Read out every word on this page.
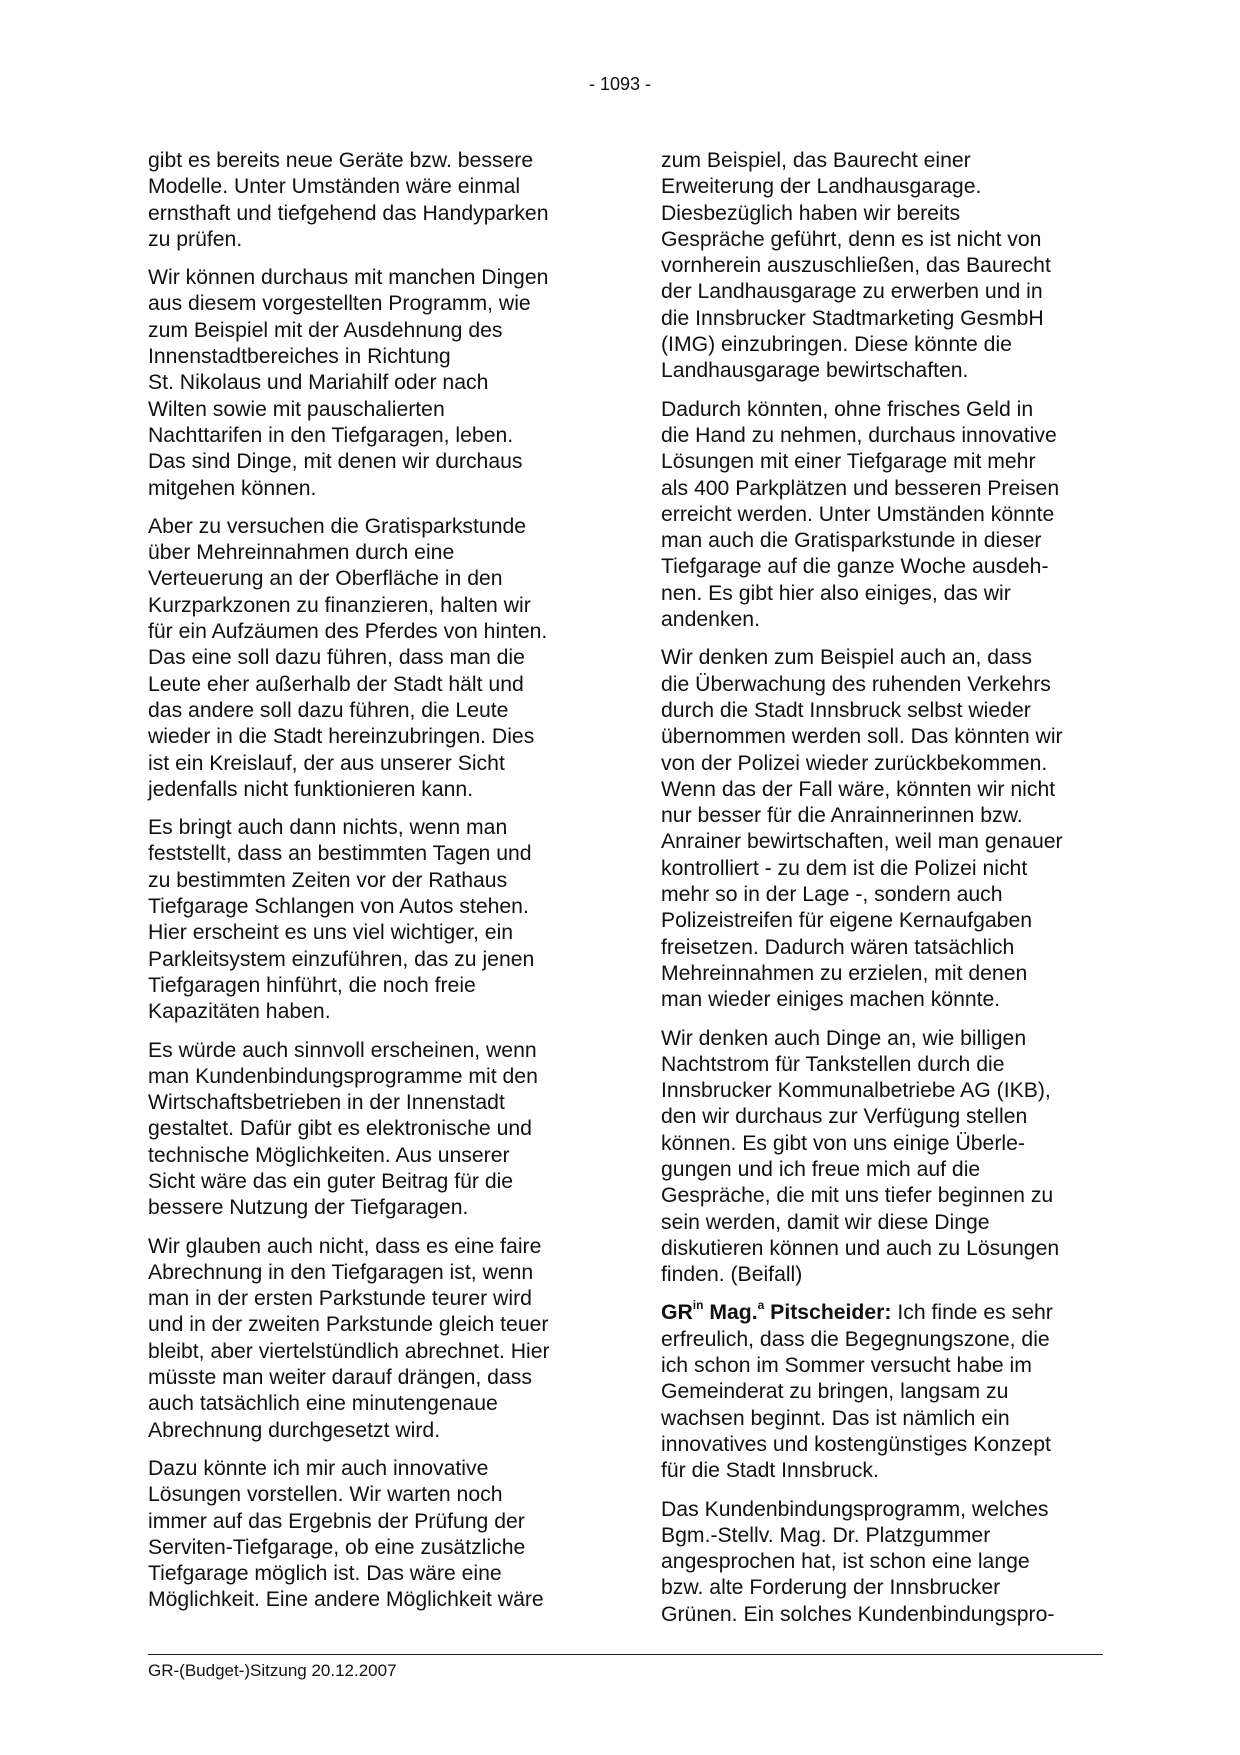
- 1093 -

gibt es bereits neue Geräte bzw. bessere
Modelle. Unter Umständen wäre einmal
ernsthaft und tiefgehend das Handyparken
zu prüfen.

Wir können durchaus mit manchen Dingen
aus diesem vorgestellten Programm, wie
zum Beispiel mit der Ausdehnung des
Innenstadtbereiches in Richtung
St. Nikolaus und Mariahilf oder nach
Wilten sowie mit pauschalierten
Nachttarifen in den Tiefgaragen, leben.
Das sind Dinge, mit denen wir durchaus
mitgehen können.

Aber zu versuchen die Gratisparkstunde
über Mehreinnahmen durch eine
Verteuerung an der Oberfläche in den
Kurzparkzonen zu finanzieren, halten wir
für ein Aufzäumen des Pferdes von hinten.
Das eine soll dazu führen, dass man die
Leute eher außerhalb der Stadt hält und
das andere soll dazu führen, die Leute
wieder in die Stadt hereinzubringen. Dies
ist ein Kreislauf, der aus unserer Sicht
jedenfalls nicht funktionieren kann.

Es bringt auch dann nichts, wenn man
feststellt, dass an bestimmten Tagen und
zu bestimmten Zeiten vor der Rathaus
Tiefgarage Schlangen von Autos stehen.
Hier erscheint es uns viel wichtiger, ein
Parkleitsystem einzuführen, das zu jenen
Tiefgaragen hinführt, die noch freie
Kapazitäten haben.

Es würde auch sinnvoll erscheinen, wenn
man Kundenbindungsprogramme mit den
Wirtschaftsbetrieben in der Innenstadt
gestaltet. Dafür gibt es elektronische und
technische Möglichkeiten. Aus unserer
Sicht wäre das ein guter Beitrag für die
bessere Nutzung der Tiefgaragen.

Wir glauben auch nicht, dass es eine faire
Abrechnung in den Tiefgaragen ist, wenn
man in der ersten Parkstunde teurer wird
und in der zweiten Parkstunde gleich teuer
bleibt, aber viertelstündlich abrechnet. Hier
müsste man weiter darauf drängen, dass
auch tatsächlich eine minutengenaue
Abrechnung durchgesetzt wird.

Dazu könnte ich mir auch innovative
Lösungen vorstellen. Wir warten noch
immer auf das Ergebnis der Prüfung der
Serviten-Tiefgarage, ob eine zusätzliche
Tiefgarage möglich ist. Das wäre eine
Möglichkeit. Eine andere Möglichkeit wäre

zum Beispiel, das Baurecht einer
Erweiterung der Landhausgarage.
Diesbezüglich haben wir bereits
Gespräche geführt, denn es ist nicht von
vornherein auszuschließen, das Baurecht
der Landhausgarage zu erwerben und in
die Innsbrucker Stadtmarketing GesmbH
(IMG) einzubringen. Diese könnte die
Landhausgarage bewirtschaften.

Dadurch könnten, ohne frisches Geld in
die Hand zu nehmen, durchaus innovative
Lösungen mit einer Tiefgarage mit mehr
als 400 Parkplätzen und besseren Preisen
erreicht werden. Unter Umständen könnte
man auch die Gratisparkstunde in dieser
Tiefgarage auf die ganze Woche ausdeh-
nen. Es gibt hier also einiges, das wir
andenken.

Wir denken zum Beispiel auch an, dass
die Überwachung des ruhenden Verkehrs
durch die Stadt Innsbruck selbst wieder
übernommen werden soll. Das könnten wir
von der Polizei wieder zurückbekommen.
Wenn das der Fall wäre, könnten wir nicht
nur besser für die Anrainnerinnen bzw.
Anrainer bewirtschaften, weil man genauer
kontrolliert - zu dem ist die Polizei nicht
mehr so in der Lage -, sondern auch
Polizeistreifen für eigene Kernaufgaben
freisetzen. Dadurch wären tatsächlich
Mehreinnahmen zu erzielen, mit denen
man wieder einiges machen könnte.

Wir denken auch Dinge an, wie billigen
Nachtstrom für Tankstellen durch die
Innsbrucker Kommunalbetriebe AG (IKB),
den wir durchaus zur Verfügung stellen
können. Es gibt von uns einige Überle-
gungen und ich freue mich auf die
Gespräche, die mit uns tiefer beginnen zu
sein werden, damit wir diese Dinge
diskutieren können und auch zu Lösungen
finden. (Beifall)

$GR^{in}$ Mag.$^a$ Pitscheider: Ich finde es sehr
erfreulich, dass die Begegnungszone, die
ich schon im Sommer versucht habe im
Gemeinderat zu bringen, langsam zu
wachsen beginnt. Das ist nämlich ein
innovatives und kostengünstiges Konzept
für die Stadt Innsbruck.

Das Kundenbindungsprogramm, welches
Bgm.-Stellv. Mag. Dr. Platzgummer
angesprochen hat, ist schon eine lange
bzw. alte Forderung der Innsbrucker
Grünen. Ein solches Kundenbindungspro-

GR-(Budget-)Sitzung 20.12.2007
